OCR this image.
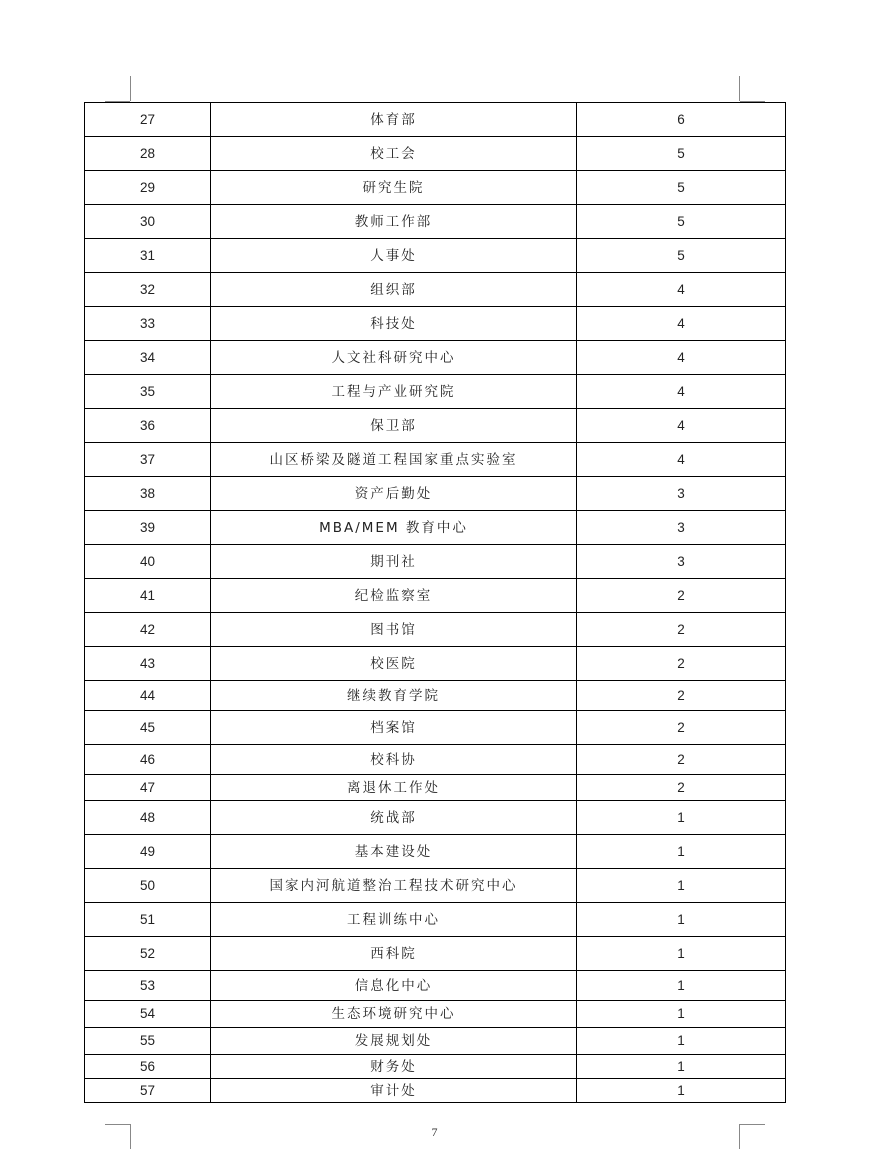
27	体育部	6
28	校工会	5
29	研究生院	5
30	教师工作部	5
31	人事处	5
32	组织部	4
33	科技处	4
34	人文社科研究中心	4
35	工程与产业研究院	4
36	保卫部	4
37	山区桥梁及隧道工程国家重点实验室	4
38	资产后勤处	3
39	MBA/MEM 教育中心	3
40	期刊社	3
41	纪检监察室	2
42	图书馆	2
43	校医院	2
44	继续教育学院	2
45	档案馆	2
46	校科协	2
47	离退休工作处	2
48	统战部	1
49	基本建设处	1
50	国家内河航道整治工程技术研究中心	1
51	工程训练中心	1
52	西科院	1
53	信息化中心	1
54	生态环境研究中心	1
55	发展规划处	1
56	财务处	1
57	审计处	1
7
